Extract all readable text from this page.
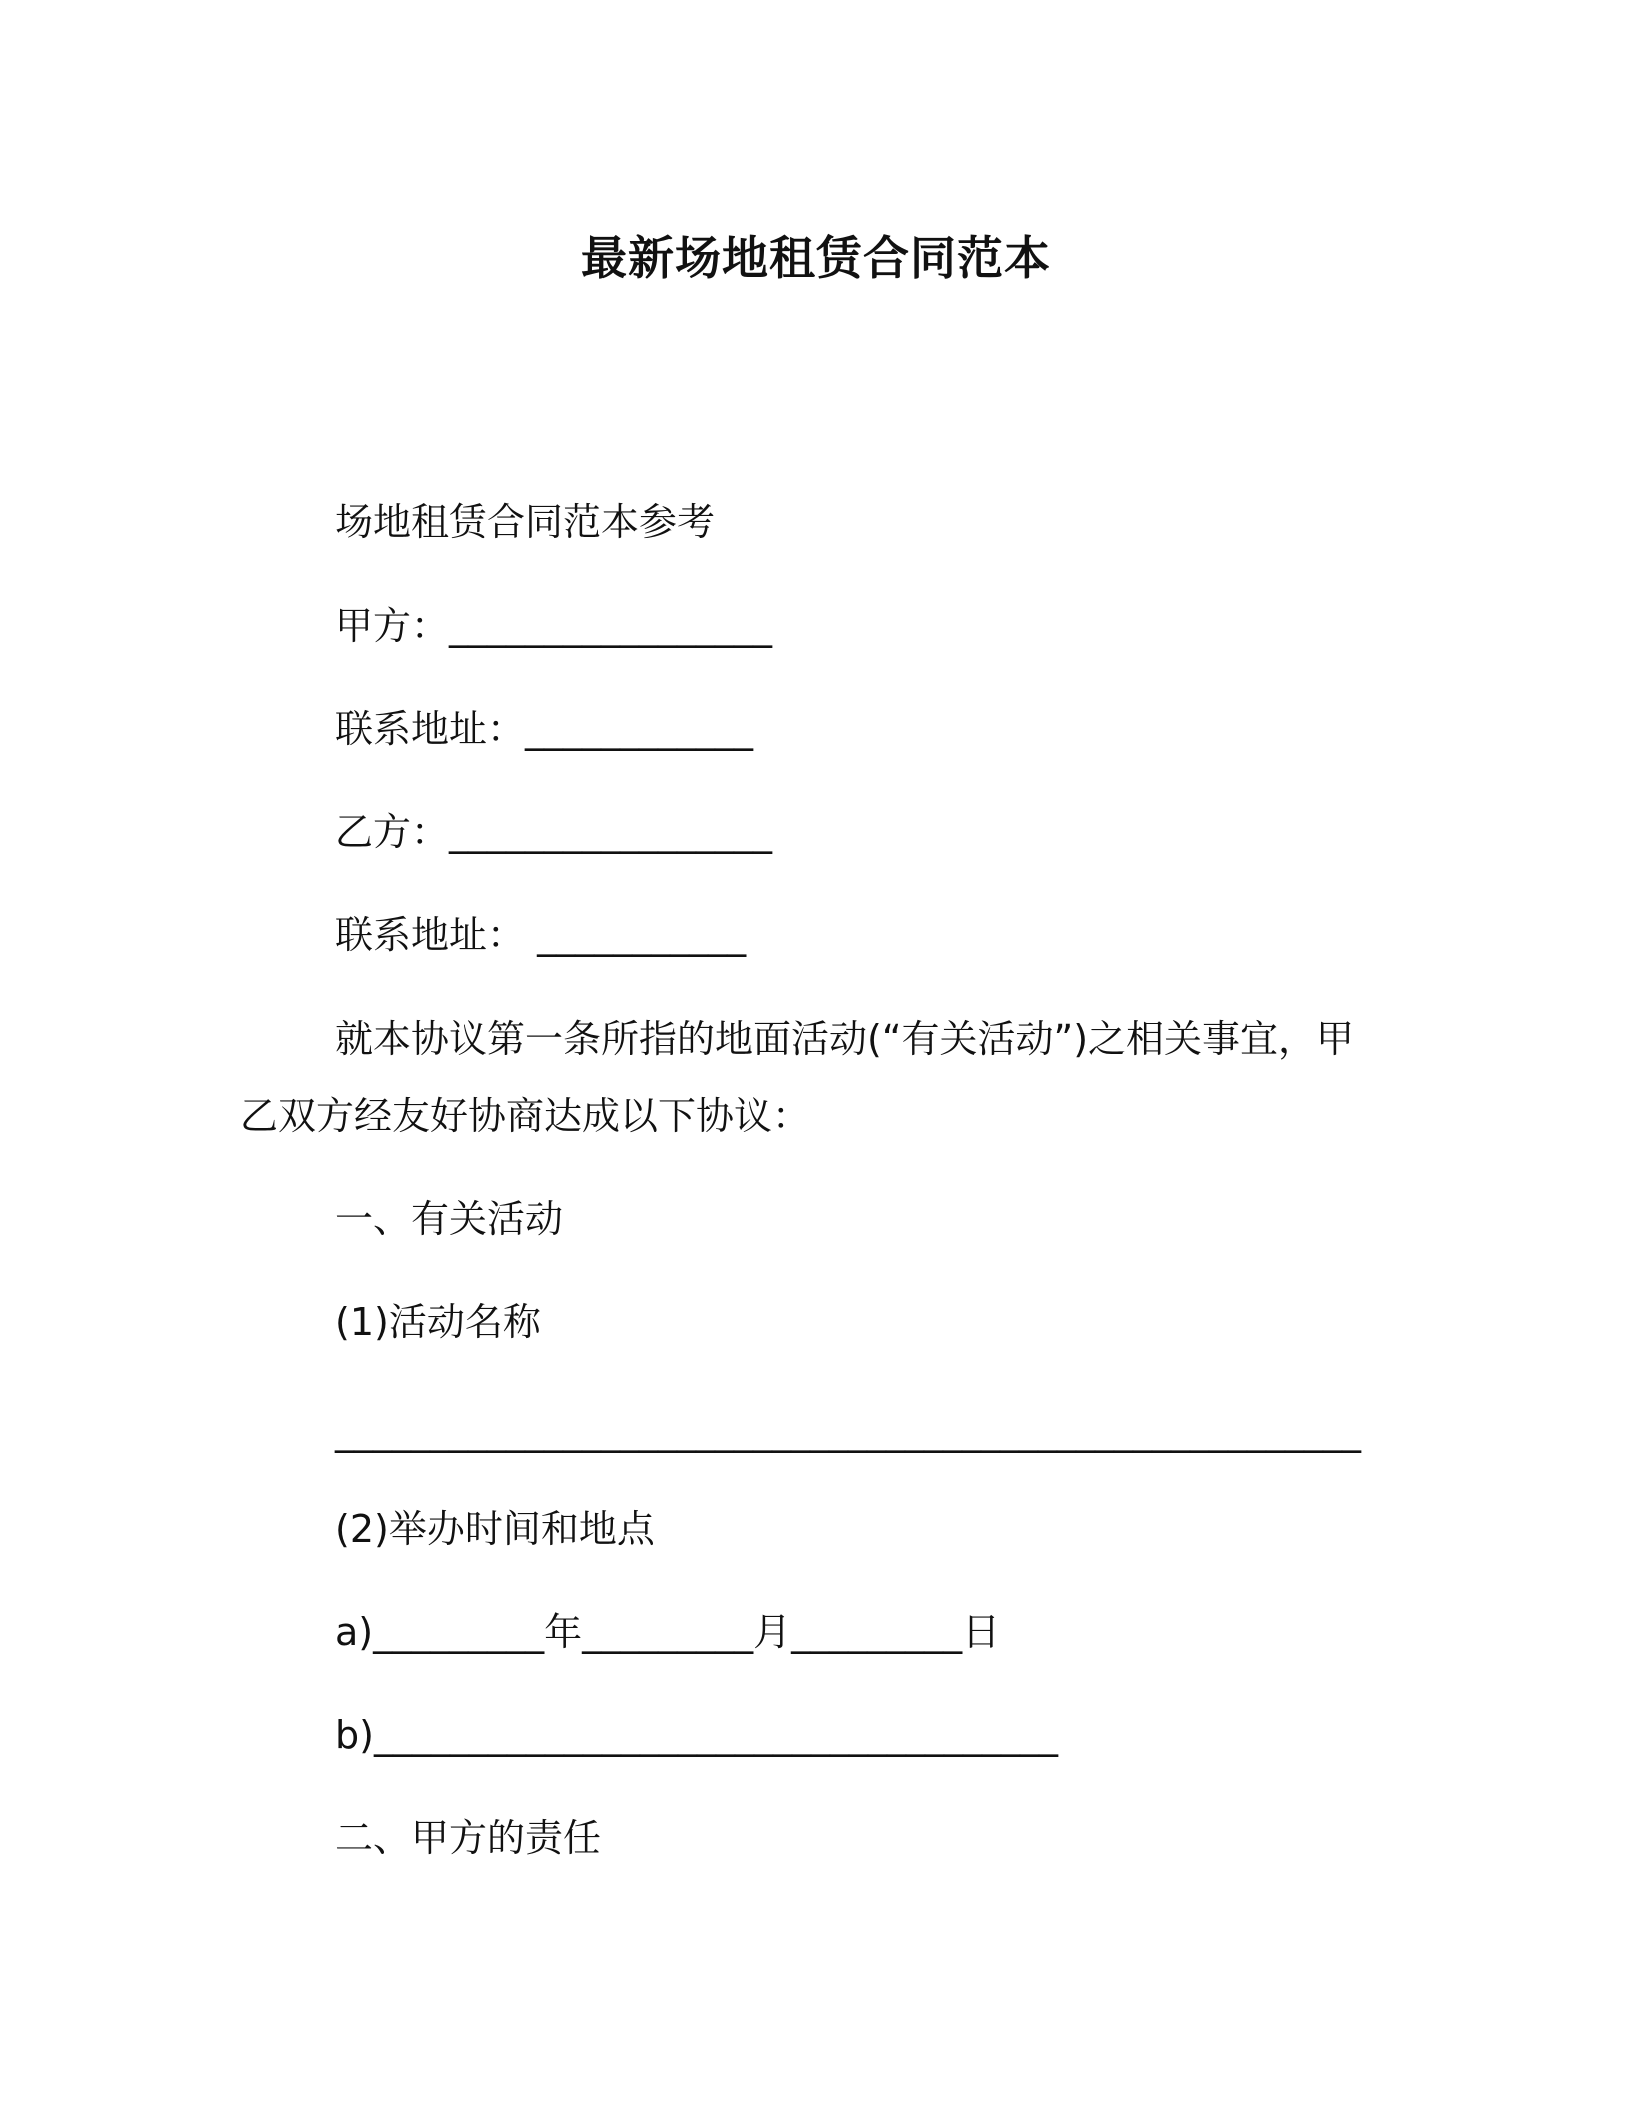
最新场地租赁合同范本
场地租赁合同范本参考
甲方：_________________
联系地址：____________
乙方：_________________
联系地址： ___________
就本协议第一条所指的地面活动(“有关活动”)之相关事宜，甲
乙双方经友好协商达成以下协议：
一、有关活动
(1)活动名称
______________________________________________________
(2)举办时间和地点
a)_________年_________月_________日
b)____________________________________
二、甲方的责任
